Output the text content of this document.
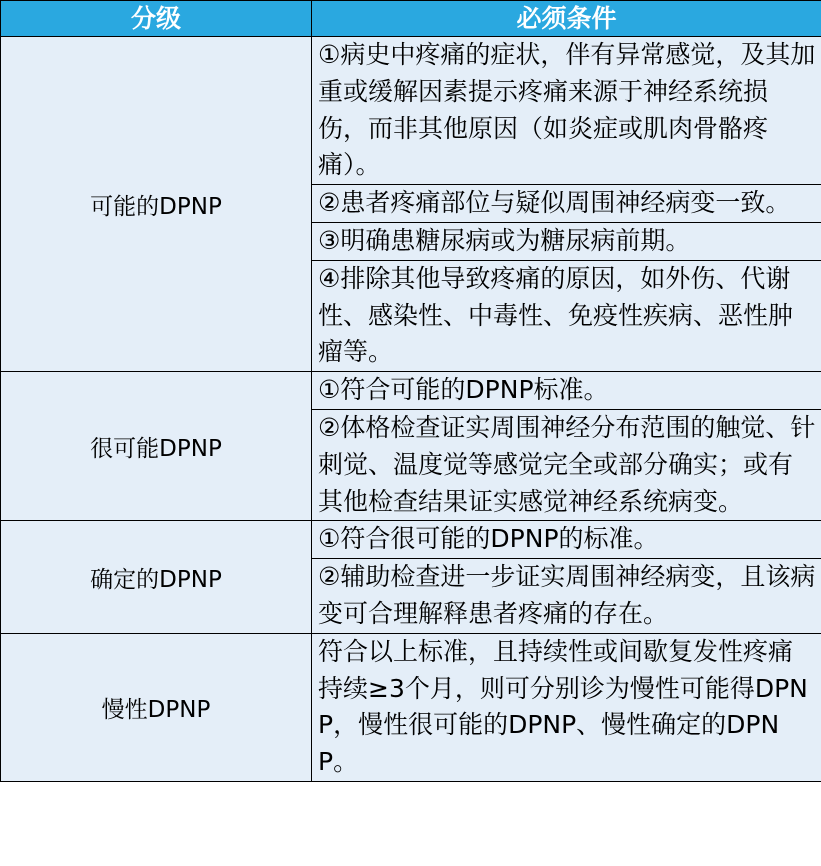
分级	必须条件
可能的DPNP	①病史中疼痛的症状，伴有异常感觉，及其加重或缓解因素提示疼痛来源于神经系统损伤，而非其他原因（如炎症或肌肉骨骼疼痛）。
	②患者疼痛部位与疑似周围神经病变一致。
	③明确患糖尿病或为糖尿病前期。
	④排除其他导致疼痛的原因，如外伤、代谢性、感染性、中毒性、免疫性疾病、恶性肿瘤等。
很可能DPNP	①符合可能的DPNP标准。
	②体格检查证实周围神经分布范围的触觉、针刺觉、温度觉等感觉完全或部分确实；或有其他检查结果证实感觉神经系统病变。
确定的DPNP	①符合很可能的DPNP的标准。
	②辅助检查进一步证实周围神经病变，且该病变可合理解释患者疼痛的存在。
慢性DPNP	符合以上标准，且持续性或间歇复发性疼痛持续≥3个月，则可分别诊为慢性可能得DPNP，慢性很可能的DPNP、慢性确定的DPNP。
